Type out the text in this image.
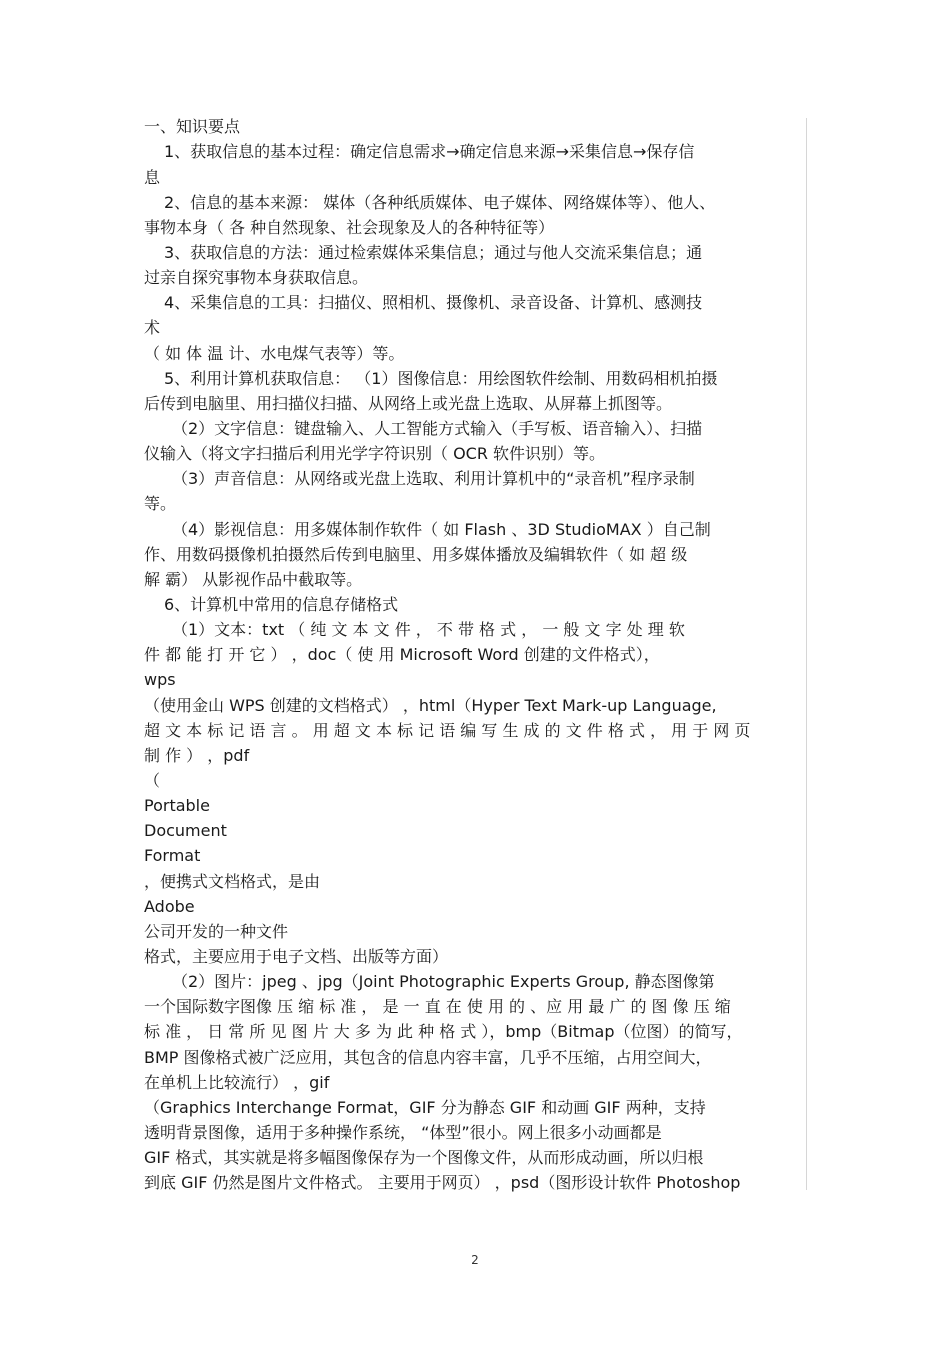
一、知识要点
1、获取信息的基本过程：确定信息需求→确定信息来源→采集信息→保存信
息
2、信息的基本来源： 媒体（各种纸质媒体、电子媒体、网络媒体等）、他人、
事物本身（ 各 种自然现象、社会现象及人的各种特征等）
3、获取信息的方法：通过检索媒体采集信息；通过与他人交流采集信息；通
过亲自探究事物本身获取信息。
4、采集信息的工具：扫描仪、照相机、摄像机、录音设备、计算机、感测技
术
（ 如 体 温 计、水电煤气表等）等。
5、利用计算机获取信息： （1）图像信息：用绘图软件绘制、用数码相机拍摄
后传到电脑里、用扫描仪扫描、从网络上或光盘上选取、从屏幕上抓图等。
（2）文字信息：键盘输入、人工智能方式输入（手写板、语音输入）、扫描
仪输入（将文字扫描后利用光学字符识别（ OCR 软件识别）等。
（3）声音信息：从网络或光盘上选取、利用计算机中的“录音机”程序录制
等。
（4）影视信息：用多媒体制作软件（ 如 Flash 、3D StudioMAX ）自己制
作、用数码摄像机拍摄然后传到电脑里、用多媒体播放及编辑软件（ 如 超 级
解 霸） 从影视作品中截取等。
6、计算机中常用的信息存储格式
（1）文本：txt （ 纯 文 本 文 件 ， 不 带 格 式 ， 一 般 文 字 处 理 软
件 都 能 打 开 它 ） ，doc（ 使 用 Microsoft Word 创建的文件格式），
wps
（使用金山 WPS 创建的文档格式） ，html（Hyper Text Mark-up Language,
超 文 本 标 记 语 言 。 用 超 文 本 标 记 语 编 写 生 成 的 文 件 格 式 ， 用 于 网 页
制 作 ） ，pdf
（
Portable
Document
Format
，便携式文档格式，是由
Adobe
公司开发的一种文件
格式，主要应用于电子文档、出版等方面）
（2）图片：jpeg 、jpg（Joint Photographic Experts Group, 静态图像第
一个国际数字图像 压 缩 标 准 ， 是 一 直 在 使 用 的 、应 用 最 广 的 图 像 压 缩
标 准 ， 日 常 所 见 图 片 大 多 为 此 种 格 式 ），bmp（Bitmap（位图）的简写，
BMP 图像格式被广泛应用，其包含的信息内容丰富，几乎不压缩，占用空间大，
在单机上比较流行） ，gif
（Graphics Interchange Format，GIF 分为静态 GIF 和动画 GIF 两种，支持
透明背景图像，适用于多种操作系统， “体型”很小。网上很多小动画都是
GIF 格式，其实就是将多幅图像保存为一个图像文件，从而形成动画，所以归根
到底 GIF 仍然是图片文件格式。 主要用于网页） ，psd（图形设计软件 Photoshop
2
